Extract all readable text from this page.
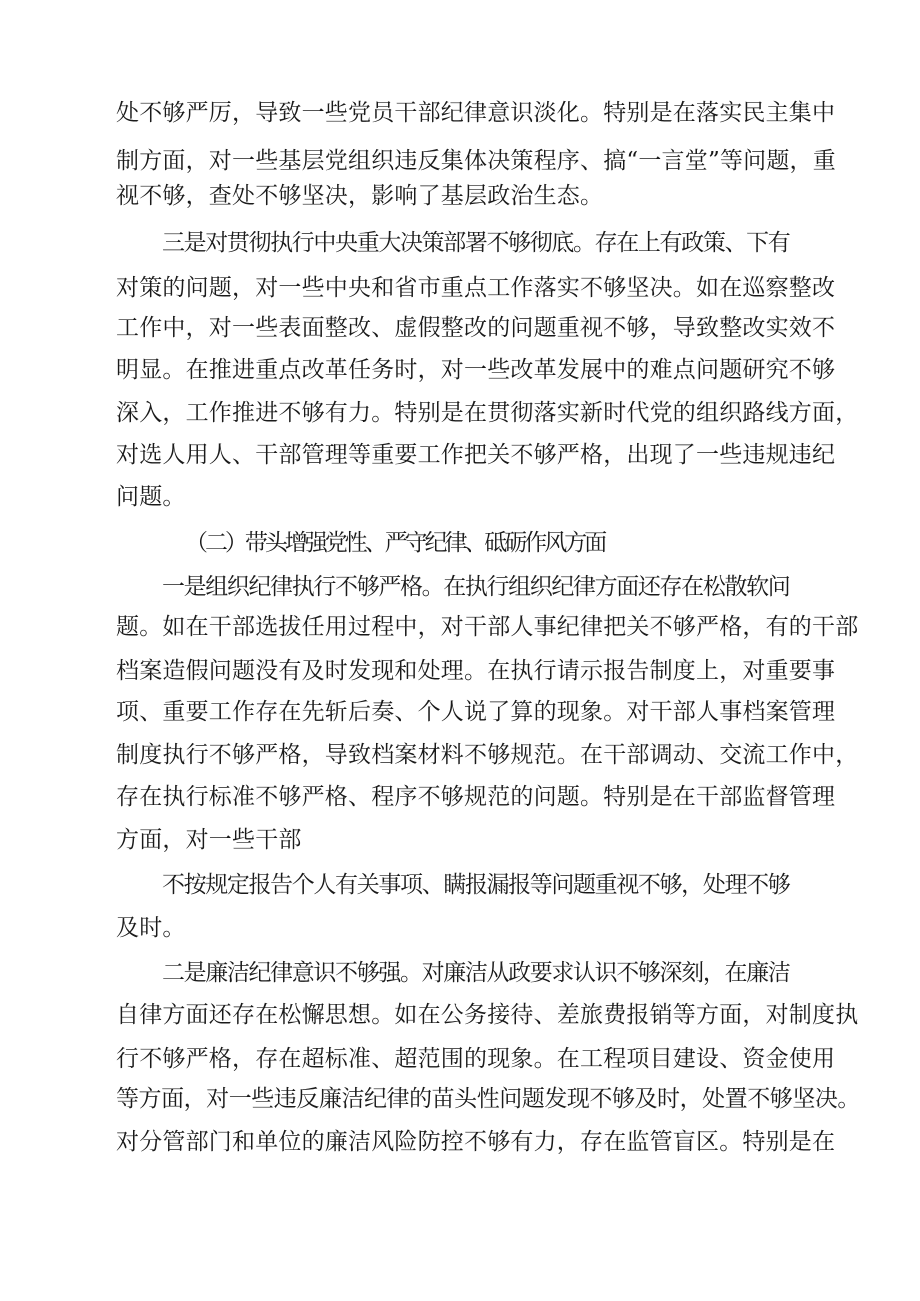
处不够严厉，导致一些党员干部纪律意识淡化。特别是在落实民主集中
制方面，对一些基层党组织违反集体决策程序、搞“一言堂”等问题，重
视不够，查处不够坚决，影响了基层政治生态。
三是对贯彻执行中央重大决策部署不够彻底。存在上有政策、下有
对策的问题，对一些中央和省市重点工作落实不够坚决。如在巡察整改
工作中，对一些表面整改、虚假整改的问题重视不够，导致整改实效不
明显。在推进重点改革任务时，对一些改革发展中的难点问题研究不够
深入，工作推进不够有力。特别是在贯彻落实新时代党的组织路线方面，
对选人用人、干部管理等重要工作把关不够严格，出现了一些违规违纪
问题。
（二）带头增强党性、严守纪律、砥砺作风方面
一是组织纪律执行不够严格。在执行组织纪律方面还存在松散软问
题。如在干部选拔任用过程中，对干部人事纪律把关不够严格，有的干部
档案造假问题没有及时发现和处理。在执行请示报告制度上，对重要事
项、重要工作存在先斩后奏、个人说了算的现象。对干部人事档案管理
制度执行不够严格，导致档案材料不够规范。在干部调动、交流工作中，
存在执行标准不够严格、程序不够规范的问题。特别是在干部监督管理
方面，对一些干部
不按规定报告个人有关事项、瞒报漏报等问题重视不够，处理不够
及时。
二是廉洁纪律意识不够强。对廉洁从政要求认识不够深刻，在廉洁
自律方面还存在松懈思想。如在公务接待、差旅费报销等方面，对制度执
行不够严格，存在超标准、超范围的现象。在工程项目建设、资金使用
等方面，对一些违反廉洁纪律的苗头性问题发现不够及时，处置不够坚决。
对分管部门和单位的廉洁风险防控不够有力，存在监管盲区。特别是在
